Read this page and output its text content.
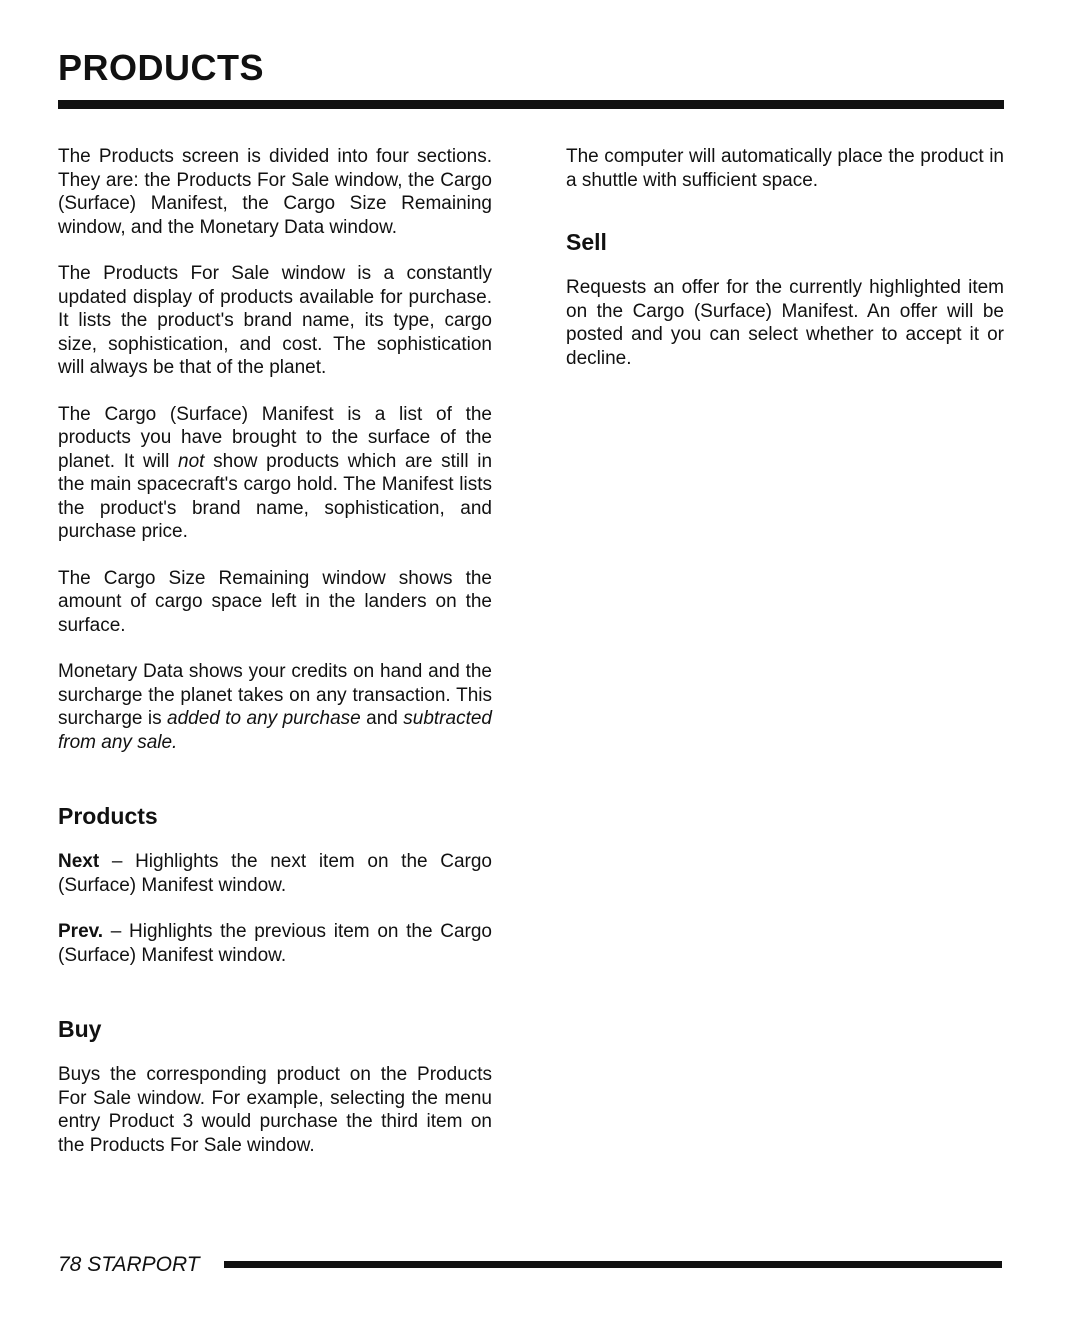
PRODUCTS

The Products screen is divided into four sections. They are: the Products For Sale window, the Cargo (Surface) Manifest, the Cargo Size Remaining window, and the Monetary Data window.

The Products For Sale window is a constantly updated display of products available for purchase. It lists the product's brand name, its type, cargo size, sophistication, and cost. The sophistication will always be that of the planet.

The Cargo (Surface) Manifest is a list of the products you have brought to the surface of the planet. It will not show products which are still in the main spacecraft's cargo hold. The Manifest lists the product's brand name, sophistication, and purchase price.

The Cargo Size Remaining window shows the amount of cargo space left in the landers on the surface.

Monetary Data shows your credits on hand and the surcharge the planet takes on any transaction. This surcharge is added to any purchase and subtracted from any sale.

Products

Next – Highlights the next item on the Cargo (Surface) Manifest window.

Prev. – Highlights the previous item on the Cargo (Surface) Manifest window.

Buy

Buys the corresponding product on the Products For Sale window. For example, selecting the menu entry Product 3 would purchase the third item on the Products For Sale window.

The computer will automatically place the product in a shuttle with sufficient space.

Sell

Requests an offer for the currently highlighted item on the Cargo (Surface) Manifest. An offer will be posted and you can select whether to accept it or decline.

78 STARPORT
